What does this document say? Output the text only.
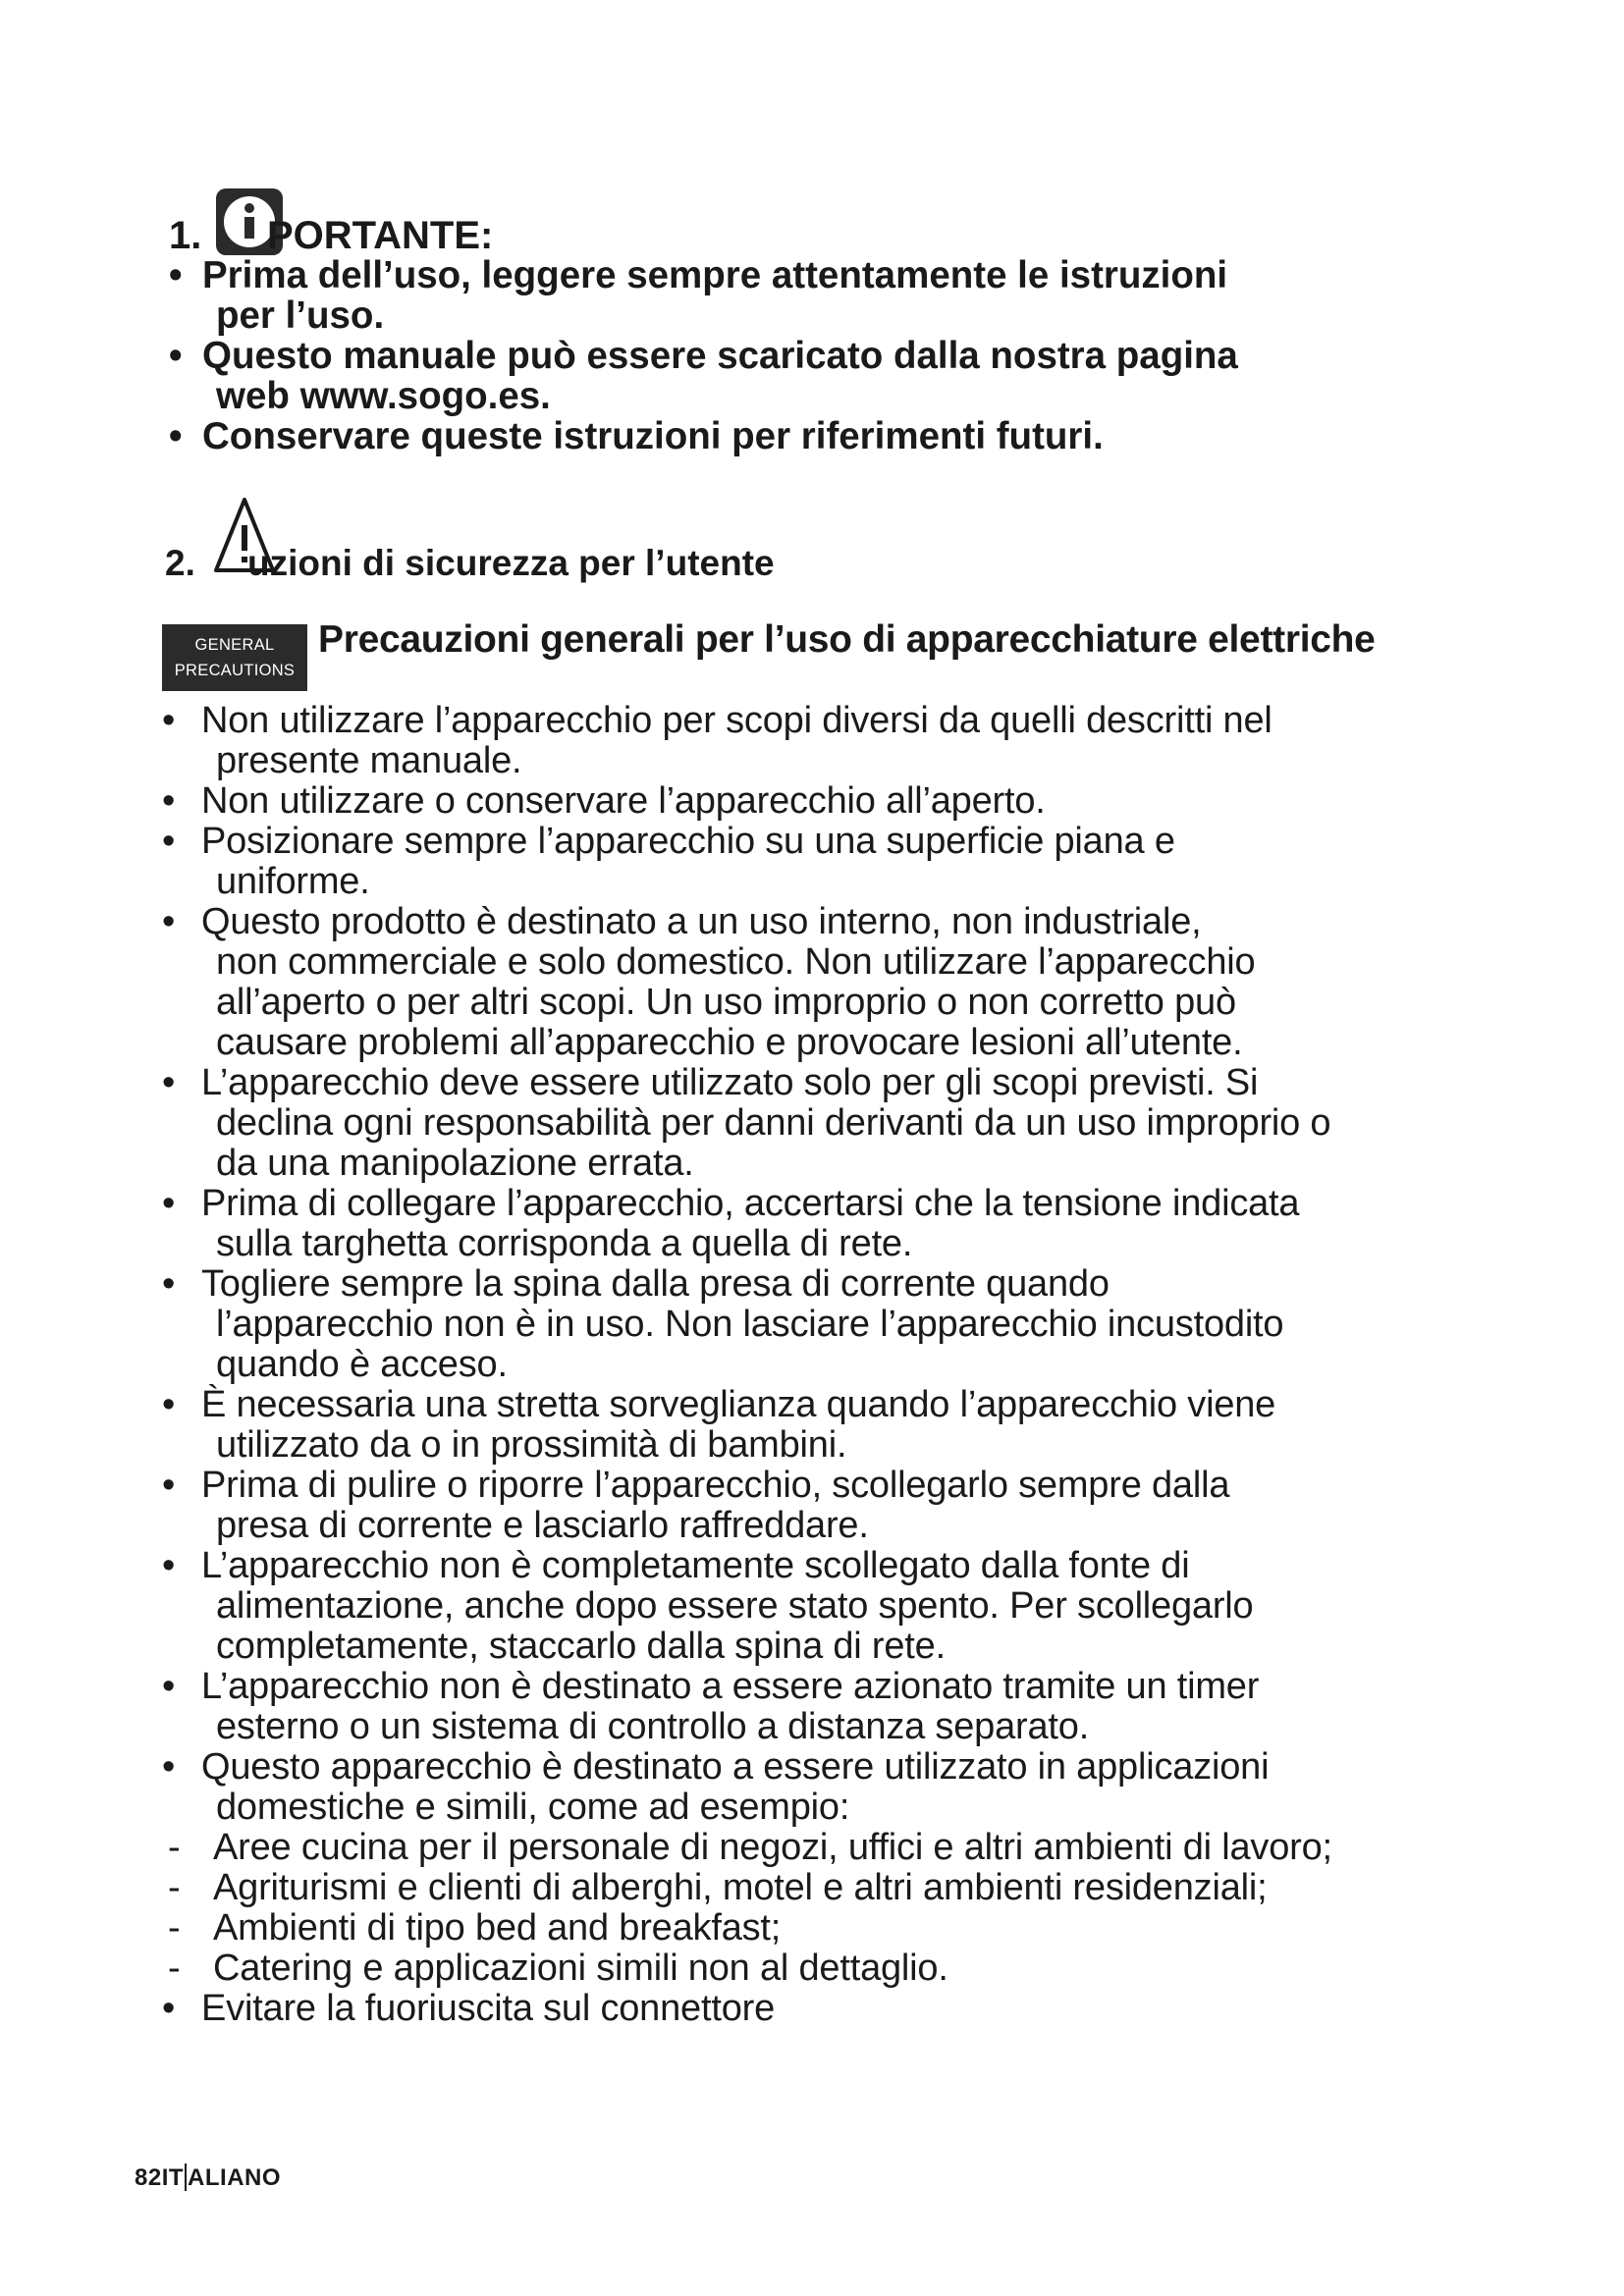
1. PORTANTE:
• Prima dell’uso, leggere sempre attentamente le istruzioni
per l’uso.
• Questo manuale può essere scaricato dalla nostra pagina
web www.sogo.es.
• Conservare queste istruzioni per riferimenti futuri.
2. uzioni di sicurezza per l’utente
GENERAL
PRECAUTIONS
Precauzioni generali per l’uso di apparecchiature elettriche
• Non utilizzare l’apparecchio per scopi diversi da quelli descritti nel
presente manuale.
• Non utilizzare o conservare l’apparecchio all’aperto.
• Posizionare sempre l’apparecchio su una superficie piana e
uniforme.
• Questo prodotto è destinato a un uso interno, non industriale,
non commerciale e solo domestico. Non utilizzare l’apparecchio
all’aperto o per altri scopi. Un uso improprio o non corretto può
causare problemi all’apparecchio e provocare lesioni all’utente.
• L’apparecchio deve essere utilizzato solo per gli scopi previsti. Si
declina ogni responsabilità per danni derivanti da un uso improprio o
da una manipolazione errata.
• Prima di collegare l’apparecchio, accertarsi che la tensione indicata
sulla targhetta corrisponda a quella di rete.
• Togliere sempre la spina dalla presa di corrente quando
l’apparecchio non è in uso. Non lasciare l’apparecchio incustodito
quando è acceso.
• È necessaria una stretta sorveglianza quando l’apparecchio viene
utilizzato da o in prossimità di bambini.
• Prima di pulire o riporre l’apparecchio, scollegarlo sempre dalla
presa di corrente e lasciarlo raffreddare.
• L’apparecchio non è completamente scollegato dalla fonte di
alimentazione, anche dopo essere stato spento. Per scollegarlo
completamente, staccarlo dalla spina di rete.
• L’apparecchio non è destinato a essere azionato tramite un timer
esterno o un sistema di controllo a distanza separato.
• Questo apparecchio è destinato a essere utilizzato in applicazioni
domestiche e simili, come ad esempio:
- Aree cucina per il personale di negozi, uffici e altri ambienti di lavoro;
- Agriturismi e clienti di alberghi, motel e altri ambienti residenziali;
- Ambienti di tipo bed and breakfast;
- Catering e applicazioni simili non al dettaglio.
• Evitare la fuoriuscita sul connettore
82IT ALIANO
